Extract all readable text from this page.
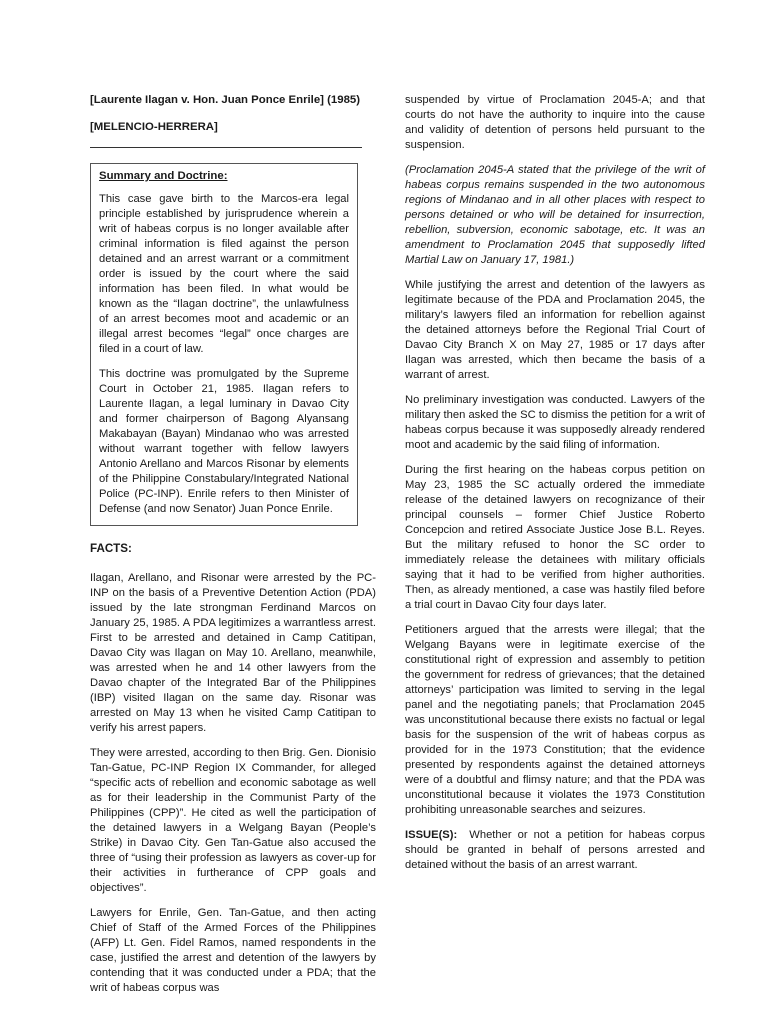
[Laurente Ilagan v. Hon. Juan Ponce Enrile] (1985)

[MELENCIO-HERRERA]

Summary and Doctrine:

This case gave birth to the Marcos-era legal principle established by jurisprudence wherein a writ of habeas corpus is no longer available after criminal information is filed against the person detained and an arrest warrant or a commitment order is issued by the court where the said information has been filed. In what would be known as the “Ilagan doctrine”, the unlawfulness of an arrest becomes moot and academic or an illegal arrest becomes “legal” once charges are filed in a court of law.

This doctrine was promulgated by the Supreme Court in October 21, 1985. Ilagan refers to Laurente Ilagan, a legal luminary in Davao City and former chairperson of Bagong Alyansang Makabayan (Bayan) Mindanao who was arrested without warrant together with fellow lawyers Antonio Arellano and Marcos Risonar by elements of the Philippine Constabulary/Integrated National Police (PC-INP). Enrile refers to then Minister of Defense (and now Senator) Juan Ponce Enrile.

FACTS:

Ilagan, Arellano, and Risonar were arrested by the PC-INP on the basis of a Preventive Detention Action (PDA) issued by the late strongman Ferdinand Marcos on January 25, 1985. A PDA legitimizes a warrantless arrest. First to be arrested and detained in Camp Catitipan, Davao City was Ilagan on May 10. Arellano, meanwhile, was arrested when he and 14 other lawyers from the Davao chapter of the Integrated Bar of the Philippines (IBP) visited Ilagan on the same day. Risonar was arrested on May 13 when he visited Camp Catitipan to verify his arrest papers.

They were arrested, according to then Brig. Gen. Dionisio Tan-Gatue, PC-INP Region IX Commander, for alleged “specific acts of rebellion and economic sabotage as well as for their leadership in the Communist Party of the Philippines (CPP)”. He cited as well the participation of the detained lawyers in a Welgang Bayan (People’s Strike) in Davao City. Gen Tan-Gatue also accused the three of “using their profession as lawyers as cover-up for their activities in furtherance of CPP goals and objectives”.

Lawyers for Enrile, Gen. Tan-Gatue, and then acting Chief of Staff of the Armed Forces of the Philippines (AFP) Lt. Gen. Fidel Ramos, named respondents in the case, justified the arrest and detention of the lawyers by contending that it was conducted under a PDA; that the writ of habeas corpus was

suspended by virtue of Proclamation 2045-A; and that courts do not have the authority to inquire into the cause and validity of detention of persons held pursuant to the suspension.

(Proclamation 2045-A stated that the privilege of the writ of habeas corpus remains suspended in the two autonomous regions of Mindanao and in all other places with respect to persons detained or who will be detained for insurrection, rebellion, subversion, economic sabotage, etc. It was an amendment to Proclamation 2045 that supposedly lifted Martial Law on January 17, 1981.)

While justifying the arrest and detention of the lawyers as legitimate because of the PDA and Proclamation 2045, the military’s lawyers filed an information for rebellion against the detained attorneys before the Regional Trial Court of Davao City Branch X on May 27, 1985 or 17 days after Ilagan was arrested, which then became the basis of a warrant of arrest.

No preliminary investigation was conducted. Lawyers of the military then asked the SC to dismiss the petition for a writ of habeas corpus because it was supposedly already rendered moot and academic by the said filing of information.

During the first hearing on the habeas corpus petition on May 23, 1985 the SC actually ordered the immediate release of the detained lawyers on recognizance of their principal counsels – former Chief Justice Roberto Concepcion and retired Associate Justice Jose B.L. Reyes. But the military refused to honor the SC order to immediately release the detainees with military officials saying that it had to be verified from higher authorities. Then, as already mentioned, a case was hastily filed before a trial court in Davao City four days later.

Petitioners argued that the arrests were illegal; that the Welgang Bayans were in legitimate exercise of the constitutional right of expression and assembly to petition the government for redress of grievances; that the detained attorneys’ participation was limited to serving in the legal panel and the negotiating panels; that Proclamation 2045 was unconstitutional because there exists no factual or legal basis for the suspension of the writ of habeas corpus as provided for in the 1973 Constitution; that the evidence presented by respondents against the detained attorneys were of a doubtful and flimsy nature; and that the PDA was unconstitutional because it violates the 1973 Constitution prohibiting unreasonable searches and seizures.

ISSUE(S): Whether or not a petition for habeas corpus should be granted in behalf of persons arrested and detained without the basis of an arrest warrant.
